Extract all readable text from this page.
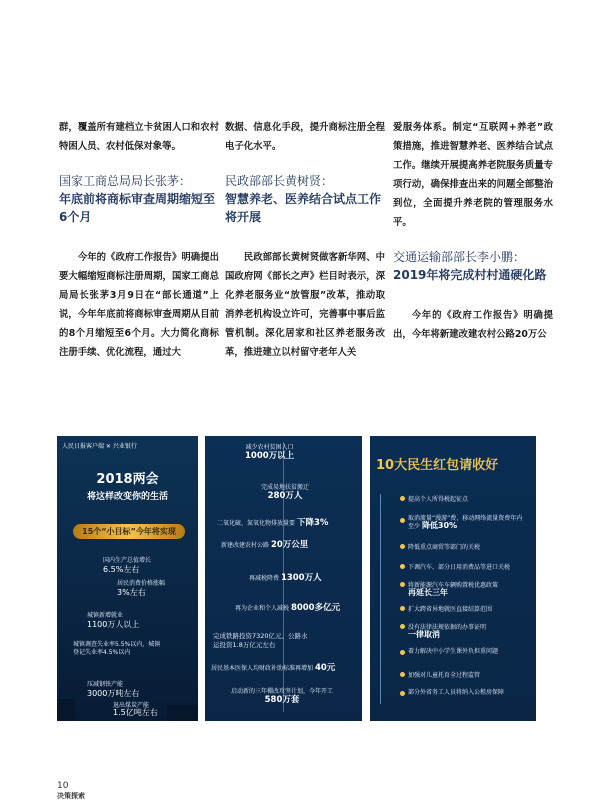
群，覆盖所有建档立卡贫困人口和农村特困人员、农村低保对象等。

国家工商总局局长张茅：
年底前将商标审查周期缩短至6个月

今年的《政府工作报告》明确提出要大幅缩短商标注册周期，国家工商总局局长张茅3月9日在“部长通道”上说，今年年底前将商标审查周期从目前的8个月缩短至6个月。大力简化商标注册手续、优化流程，通过大

数据、信息化手段，提升商标注册全程电子化水平。

民政部部长黄树贤：
智慧养老、医养结合试点工作将开展

民政部部长黄树贤做客新华网、中国政府网《部长之声》栏目时表示，深化养老服务业“放管服”改革，推动取消养老机构设立许可，完善事中事后监管机制。深化居家和社区养老服务改革，推进建立以村留守老年人关

爱服务体系。制定“互联网+养老”政策措施，推进智慧养老、医养结合试点工作。继续开展提高养老院服务质量专项行动，确保排查出来的问题全部整治到位，全面提升养老院的管理服务水平。

交通运输部部长李小鹏：
2019年将完成村村通硬化路

今年的《政府工作报告》明确提出，今年将新建改建农村公路20万公

人民日报客户端 ✕ 兴业银行
2018两会
将这样改变你的生活
15个“小目标”今年将实现
国内生产总值增长
6.5%左右
居民消费价格涨幅
3%左右
城镇新增就业
1100万人以上
城镇调查失业率5.5%以内，城镇登记失业率4.5%以内
压减钢铁产能
3000万吨左右
退出煤炭产能
1.5亿吨左右
减少农村贫困人口
1000万以上
完成易地扶贫搬迁
280万人
二氧化硫、氮氧化物排放量要 下降3%
新建改建农村公路 20万公里
再减税降费 1300万人
再为企业和个人减税 8000多亿元
完成铁路投资7320亿元、公路水运投资1.8万亿元左右
居民基本医保人均财政补助标准再增加 40元
启动新的三年棚改攻坚计划，今年开工 580万套
10大民生红包请收好
提高个人所得税起征点
取消流量“漫游”费，移动网络流量资费年内至少 降低30%
降低重点商贸等部门的关税
下调汽车、部分日用消费品等进口关税
将新能源汽车车辆购置税优惠政策
再延长三年
扩大跨省异地就医直接结算范围
没有法律法规依据的办事证明
一律取消
着力解决中小学生课外负担重问题
加强对儿童托育全过程监管
部分外省务工人员将纳入公租房保障
10
决策探索
